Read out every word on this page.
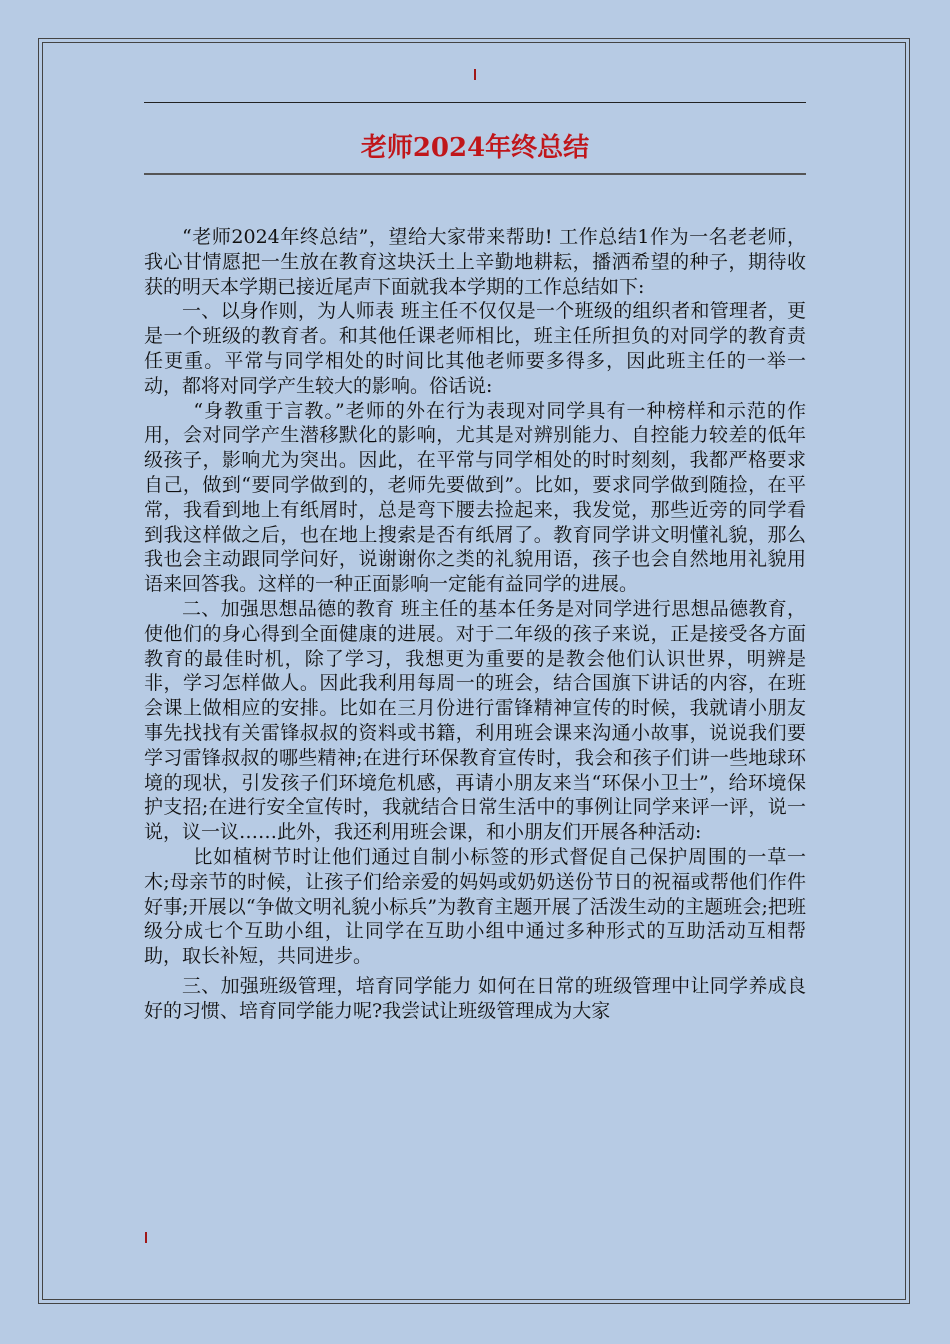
老师2024年终总结

“老师2024年终总结”，望给大家带来帮助! 工作总结1作为一名老老师，我心甘情愿把一生放在教育这块沃土上辛勤地耕耘，播洒希望的种子，期待收获的明天本学期已接近尾声下面就我本学期的工作总结如下:

一、以身作则，为人师表 班主任不仅仅是一个班级的组织者和管理者，更是一个班级的教育者。和其他任课老师相比，班主任所担负的对同学的教育责任更重。平常与同学相处的时间比其他老师要多得多，因此班主任的一举一动，都将对同学产生较大的影响。俗话说:

“身教重于言教。”老师的外在行为表现对同学具有一种榜样和示范的作用，会对同学产生潜移默化的影响，尤其是对辨别能力、自控能力较差的低年级孩子，影响尤为突出。因此，在平常与同学相处的时时刻刻，我都严格要求自己，做到“要同学做到的，老师先要做到”。比如，要求同学做到随捡，在平常，我看到地上有纸屑时，总是弯下腰去捡起来，我发觉，那些近旁的同学看到我这样做之后，也在地上搜索是否有纸屑了。教育同学讲文明懂礼貌，那么我也会主动跟同学问好，说谢谢你之类的礼貌用语，孩子也会自然地用礼貌用语来回答我。这样的一种正面影响一定能有益同学的进展。

二、加强思想品德的教育 班主任的基本任务是对同学进行思想品德教育，使他们的身心得到全面健康的进展。对于二年级的孩子来说，正是接受各方面教育的最佳时机，除了学习，我想更为重要的是教会他们认识世界，明辨是非，学习怎样做人。因此我利用每周一的班会，结合国旗下讲话的内容，在班会课上做相应的安排。比如在三月份进行雷锋精神宣传的时候，我就请小朋友事先找找有关雷锋叔叔的资料或书籍，利用班会课来沟通小故事，说说我们要学习雷锋叔叔的哪些精神;在进行环保教育宣传时，我会和孩子们讲一些地球环境的现状，引发孩子们环境危机感，再请小朋友来当“环保小卫士”，给环境保护支招;在进行安全宣传时，我就结合日常生活中的事例让同学来评一评，说一说，议一议……此外，我还利用班会课，和小朋友们开展各种活动:

比如植树节时让他们通过自制小标签的形式督促自己保护周围的一草一木;母亲节的时候，让孩子们给亲爱的妈妈或奶奶送份节日的祝福或帮他们作件好事;开展以“争做文明礼貌小标兵”为教育主题开展了活泼生动的主题班会;把班级分成七个互助小组，让同学在互助小组中通过多种形式的互助活动互相帮助，取长补短，共同进步。

三、加强班级管理，培育同学能力 如何在日常的班级管理中让同学养成良好的习惯、培育同学能力呢?我尝试让班级管理成为大家
